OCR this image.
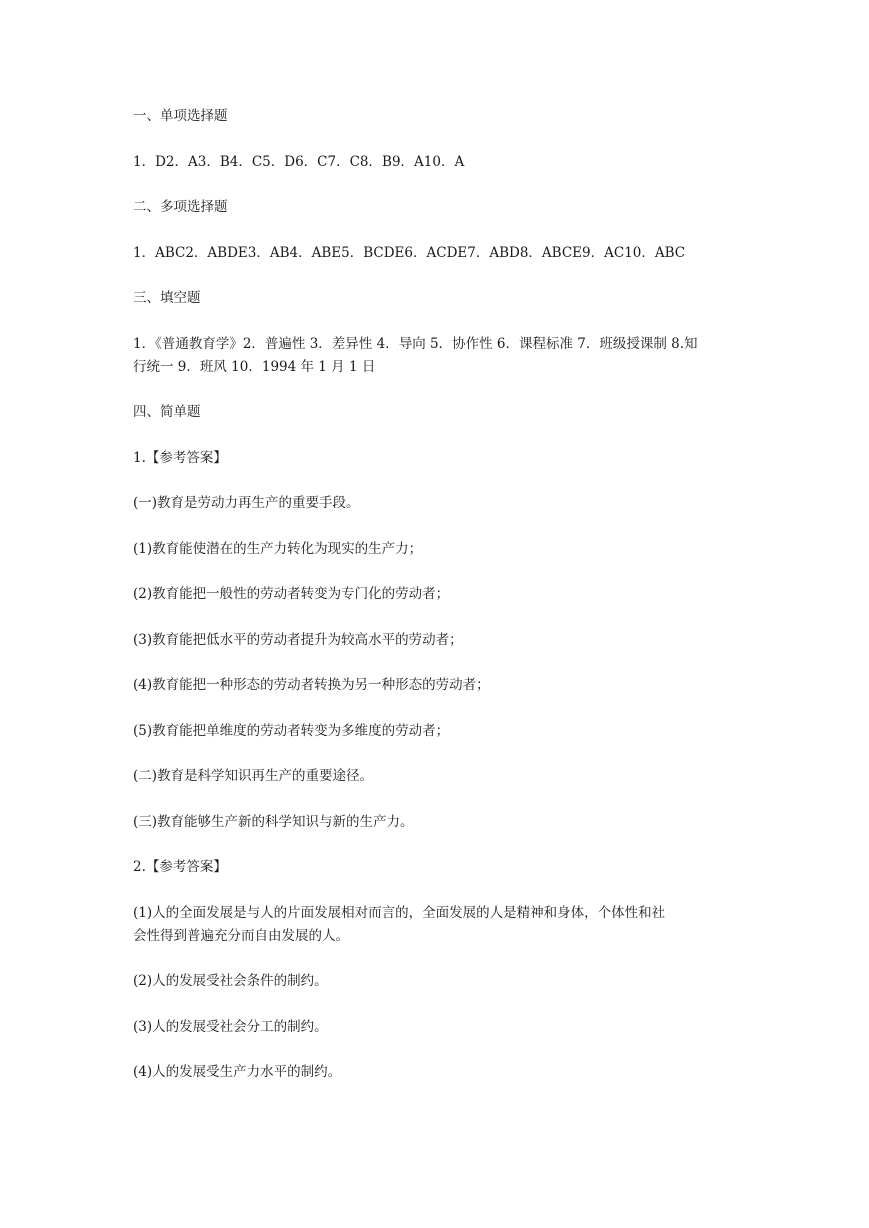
一、单项选择题
1．D2．A3．B4．C5．D6．C7．C8．B9．A10．A
二、多项选择题
1．ABC2．ABDE3．AB4．ABE5．BCDE6．ACDE7．ABD8．ABCE9．AC10．ABC
三、填空题
1．《普通教育学》2．普遍性 3．差异性 4．导向 5．协作性 6．课程标准 7．班级授课制 8.知
行统一 9．班风 10．1994 年 1 月 1 日
四、简单题
1.【参考答案】
(一)教育是劳动力再生产的重要手段。
(1)教育能使潜在的生产力转化为现实的生产力；
(2)教育能把一般性的劳动者转变为专门化的劳动者；
(3)教育能把低水平的劳动者提升为较高水平的劳动者；
(4)教育能把一种形态的劳动者转换为另一种形态的劳动者；
(5)教育能把单维度的劳动者转变为多维度的劳动者；
(二)教育是科学知识再生产的重要途径。
(三)教育能够生产新的科学知识与新的生产力。
2.【参考答案】
(1)人的全面发展是与人的片面发展相对而言的，全面发展的人是精神和身体，个体性和社
会性得到普遍充分而自由发展的人。
(2)人的发展受社会条件的制约。
(3)人的发展受社会分工的制约。
(4)人的发展受生产力水平的制约。
